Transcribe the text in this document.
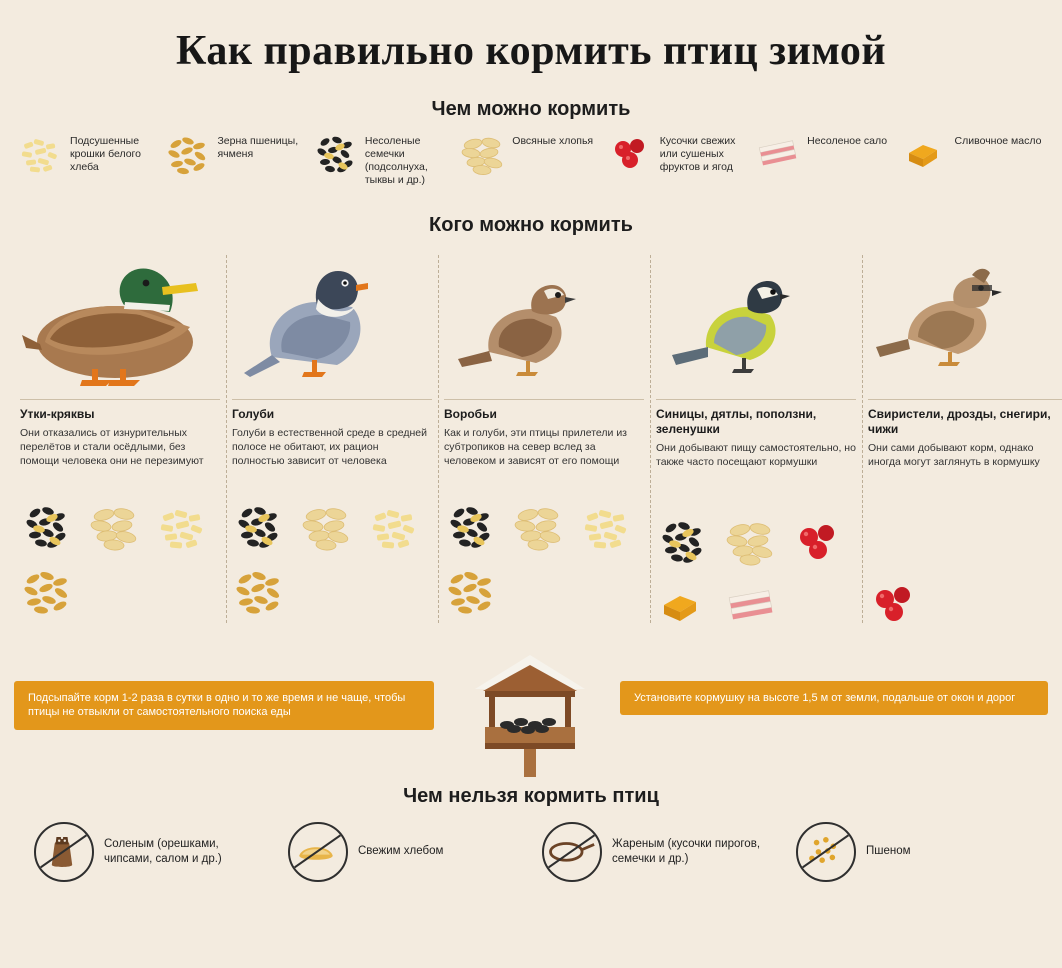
Как правильно кормить птиц зимой
Чем можно кормить
Подсушенные крошки белого хлеба
Зерна пшеницы, ячменя
Несоленые семечки (подсолнуха, тыквы и др.)
Овсяные хлопья	Кусочки свежих или сушеных фруктов и ягод
Несоленое сало	Сливочное масло
Кого можно кормить
Утки-кряквы
Они отказались от изнурительных перелётов и стали осёдлыми, без помощи человека они не перезимуют
Голуби
Голуби в естественной среде в средней полосе не обитают, их рацион полностью зависит от человека
Воробьи
Как и голуби, эти птицы прилетели из субтропиков на север вслед за человеком и зависят от его помощи
Синицы, дятлы, поползни, зеленушки
Они добывают пищу самостоятельно, но также часто посещают кормушки
Свиристели, дрозды, снегири, чижи
Они сами добывают корм, однако иногда могут заглянуть в кормушку
Подсыпайте корм 1-2 раза в сутки в одно и то же время и не чаще, чтобы птицы не отвыкли от самостоятельного поиска еды
Установите кормушку на высоте 1,5 м от земли, подальше от окон и дорог
Чем нельзя кормить птиц
Соленым (орешками, чипсами, салом и др.)
Свежим хлебом
Жареным (кусочки пирогов, семечки и др.)
Пшеном
